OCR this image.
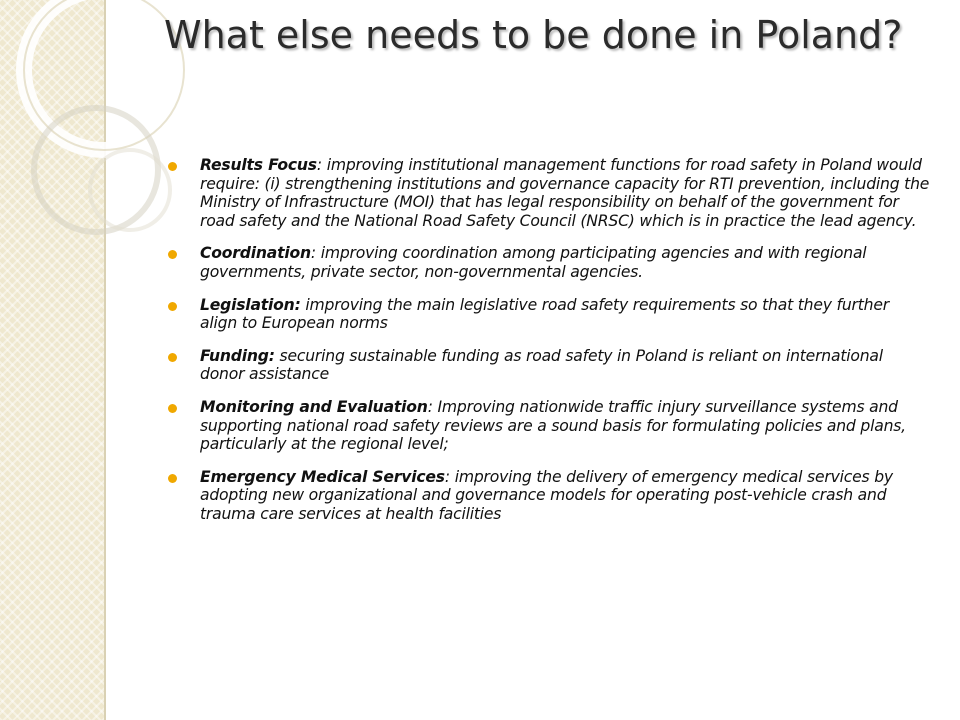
What else needs to be done in Poland?
Results Focus: improving institutional management functions for road safety in Poland would require: (i) strengthening institutions and governance capacity for RTI prevention, including the Ministry of Infrastructure (MOI) that has legal responsibility on behalf of the government for road safety and the National Road Safety Council (NRSC) which is in practice the lead agency.
Coordination: improving coordination among participating agencies and with regional governments, private sector, non-governmental agencies.
Legislation: improving the main legislative road safety requirements so that they further align to European norms
Funding: securing sustainable funding as road safety in Poland is reliant on international donor assistance
Monitoring and Evaluation: Improving nationwide traffic injury surveillance systems and supporting national road safety reviews are a sound basis for formulating policies and plans, particularly at the regional level;
Emergency Medical Services: improving the delivery of emergency medical services by adopting new organizational and governance models for operating post-vehicle crash and trauma care services at health facilities
